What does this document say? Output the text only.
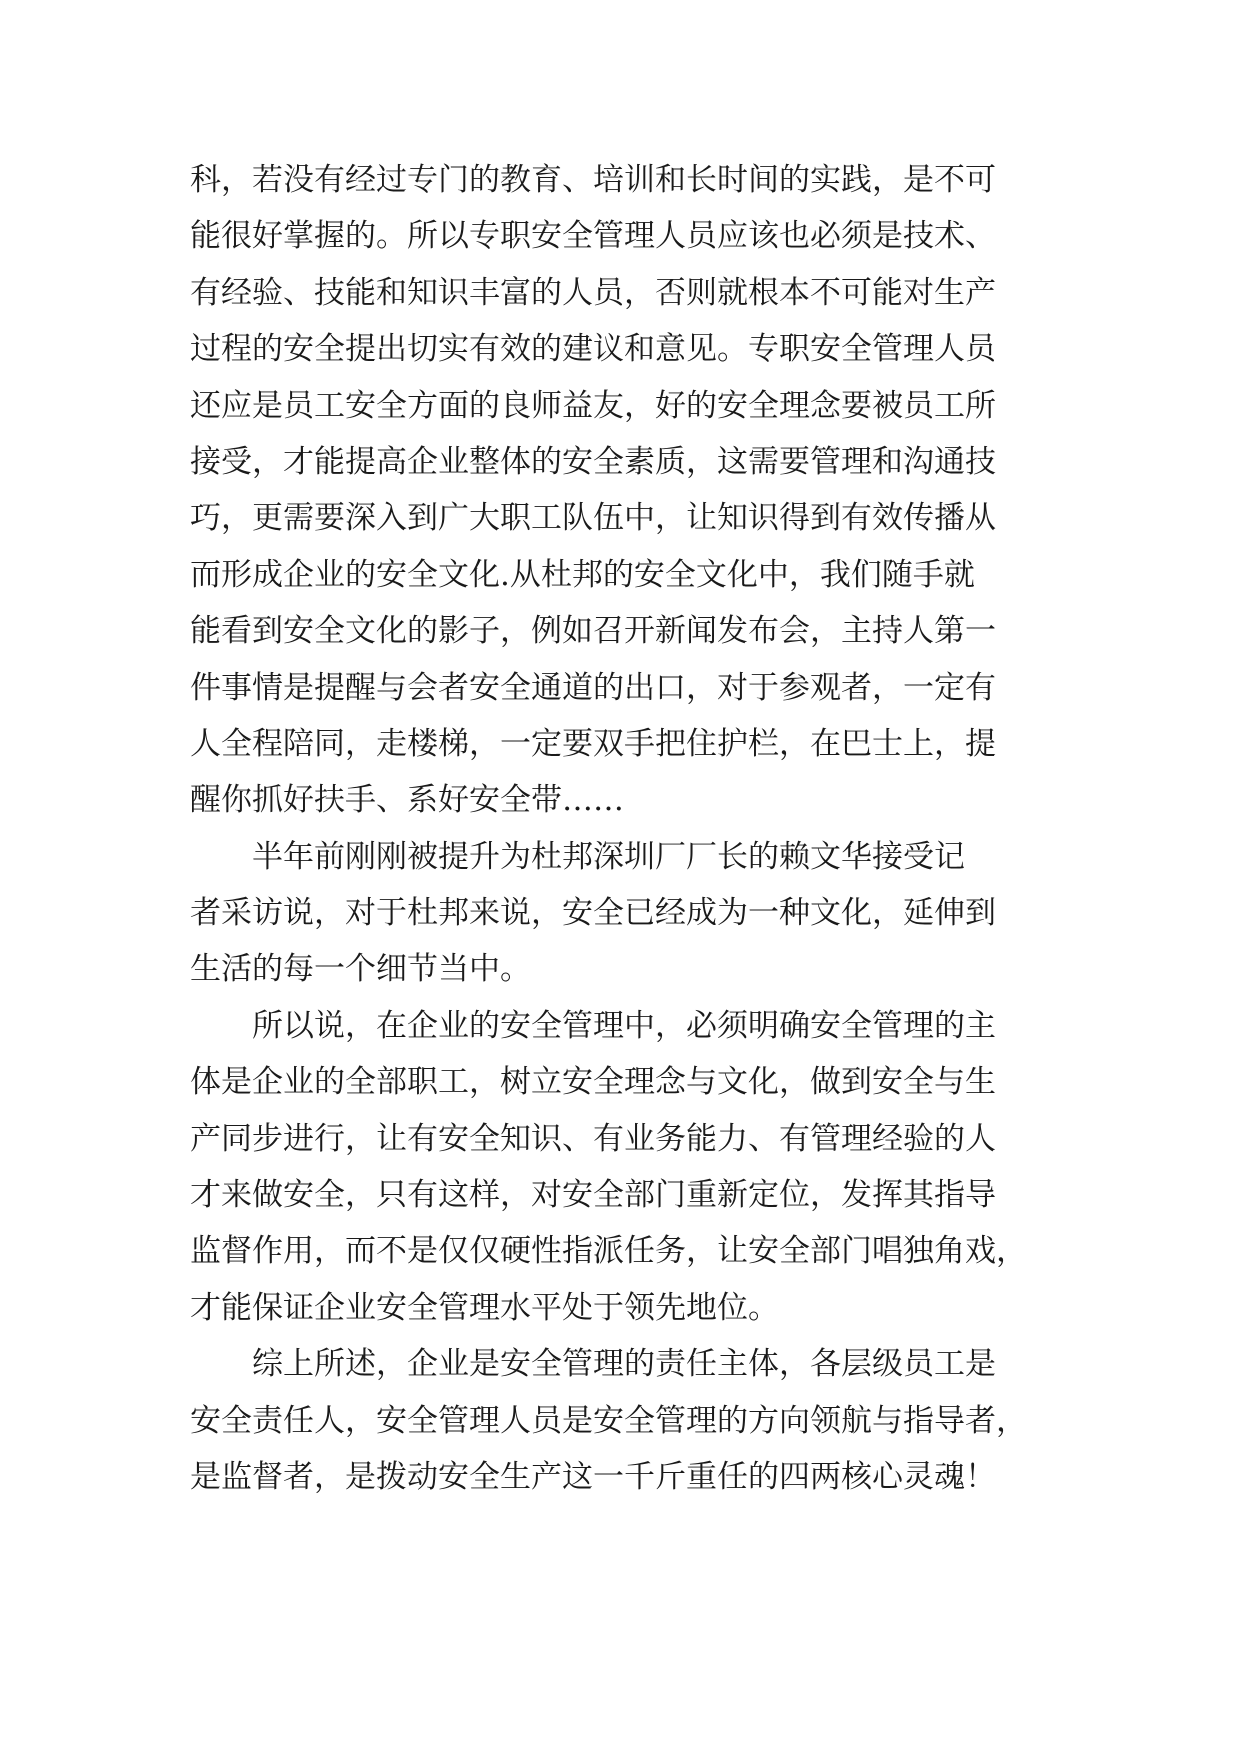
科，若没有经过专门的教育、培训和长时间的实践，是不可
能很好掌握的。所以专职安全管理人员应该也必须是技术、
有经验、技能和知识丰富的人员，否则就根本不可能对生产
过程的安全提出切实有效的建议和意见。专职安全管理人员
还应是员工安全方面的良师益友，好的安全理念要被员工所
接受，才能提高企业整体的安全素质，这需要管理和沟通技
巧，更需要深入到广大职工队伍中，让知识得到有效传播从
而形成企业的安全文化.从杜邦的安全文化中，我们随手就
能看到安全文化的影子，例如召开新闻发布会，主持人第一
件事情是提醒与会者安全通道的出口，对于参观者，一定有
人全程陪同，走楼梯，一定要双手把住护栏，在巴士上，提
醒你抓好扶手、系好安全带……
　　半年前刚刚被提升为杜邦深圳厂厂长的赖文华接受记
者采访说，对于杜邦来说，安全已经成为一种文化，延伸到
生活的每一个细节当中。
　　所以说，在企业的安全管理中，必须明确安全管理的主
体是企业的全部职工，树立安全理念与文化，做到安全与生
产同步进行，让有安全知识、有业务能力、有管理经验的人
才来做安全，只有这样，对安全部门重新定位，发挥其指导
监督作用，而不是仅仅硬性指派任务，让安全部门唱独角戏，
才能保证企业安全管理水平处于领先地位。
　　综上所述，企业是安全管理的责任主体，各层级员工是
安全责任人，安全管理人员是安全管理的方向领航与指导者，
是监督者，是拨动安全生产这一千斤重任的四两核心灵魂！
